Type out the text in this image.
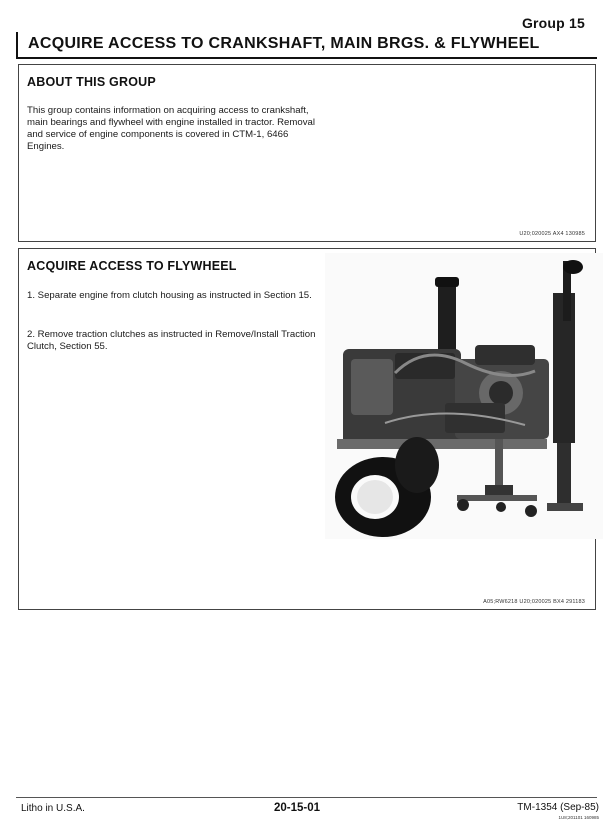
Group 15
ACQUIRE ACCESS TO CRANKSHAFT, MAIN BRGS. & FLYWHEEL
ABOUT THIS GROUP

This group contains information on acquiring access to crankshaft, main bearings and flywheel with engine installed in tractor. Removal and service of engine components is covered in CTM-1, 6466 Engines.

U20;020025 AX4 130985
ACQUIRE ACCESS TO FLYWHEEL

1. Separate engine from clutch housing as instructed in Section 15.

2. Remove traction clutches as instructed in Remove/Install Traction Clutch, Section 55.

A05;RW6218 U20;020025 BX4 291183
Litho in U.S.A.	20-15-01	TM-1354 (Sep-85)
1U8;201101 160985
